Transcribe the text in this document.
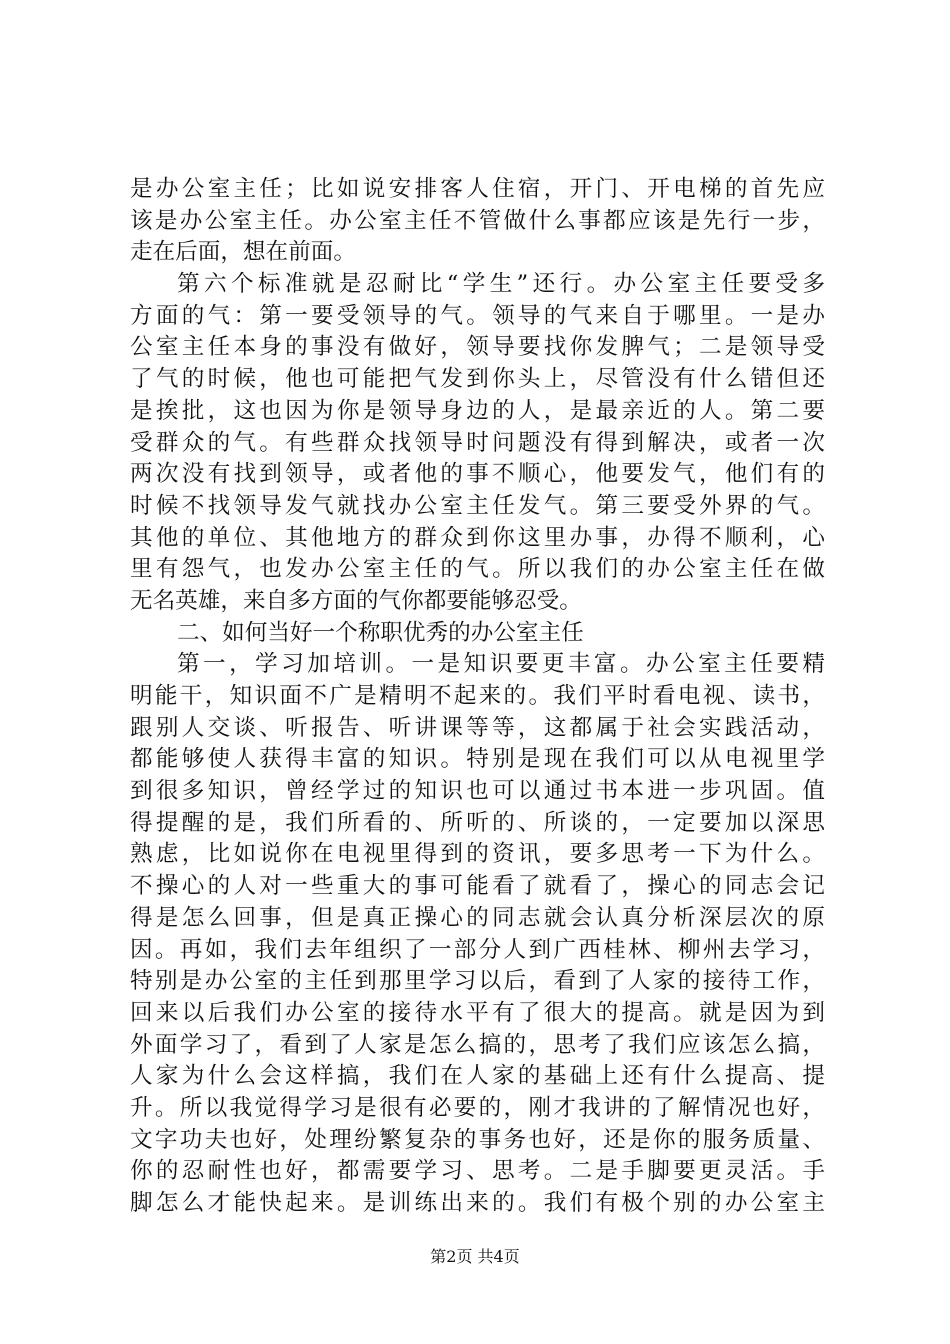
是办公室主任；比如说安排客人住宿，开门、开电梯的首先应
该是办公室主任。办公室主任不管做什么事都应该是先行一步，
走在后面，想在前面。
第六个标准就是忍耐比“学生”还行。办公室主任要受多
方面的气：第一要受领导的气。领导的气来自于哪里。一是办
公室主任本身的事没有做好，领导要找你发脾气；二是领导受
了气的时候，他也可能把气发到你头上，尽管没有什么错但还
是挨批，这也因为你是领导身边的人，是最亲近的人。第二要
受群众的气。有些群众找领导时问题没有得到解决，或者一次
两次没有找到领导，或者他的事不顺心，他要发气，他们有的
时候不找领导发气就找办公室主任发气。第三要受外界的气。
其他的单位、其他地方的群众到你这里办事，办得不顺利，心
里有怨气，也发办公室主任的气。所以我们的办公室主任在做
无名英雄，来自多方面的气你都要能够忍受。
二、如何当好一个称职优秀的办公室主任
第一，学习加培训。一是知识要更丰富。办公室主任要精
明能干，知识面不广是精明不起来的。我们平时看电视、读书，
跟别人交谈、听报告、听讲课等等，这都属于社会实践活动，
都能够使人获得丰富的知识。特别是现在我们可以从电视里学
到很多知识，曾经学过的知识也可以通过书本进一步巩固。值
得提醒的是，我们所看的、所听的、所谈的，一定要加以深思
熟虑，比如说你在电视里得到的资讯，要多思考一下为什么。
不操心的人对一些重大的事可能看了就看了，操心的同志会记
得是怎么回事，但是真正操心的同志就会认真分析深层次的原
因。再如，我们去年组织了一部分人到广西桂林、柳州去学习，
特别是办公室的主任到那里学习以后，看到了人家的接待工作，
回来以后我们办公室的接待水平有了很大的提高。就是因为到
外面学习了，看到了人家是怎么搞的，思考了我们应该怎么搞，
人家为什么会这样搞，我们在人家的基础上还有什么提高、提
升。所以我觉得学习是很有必要的，刚才我讲的了解情况也好，
文字功夫也好，处理纷繁复杂的事务也好，还是你的服务质量、
你的忍耐性也好，都需要学习、思考。二是手脚要更灵活。手
脚怎么才能快起来。是训练出来的。我们有极个别的办公室主
第2页 共4页
